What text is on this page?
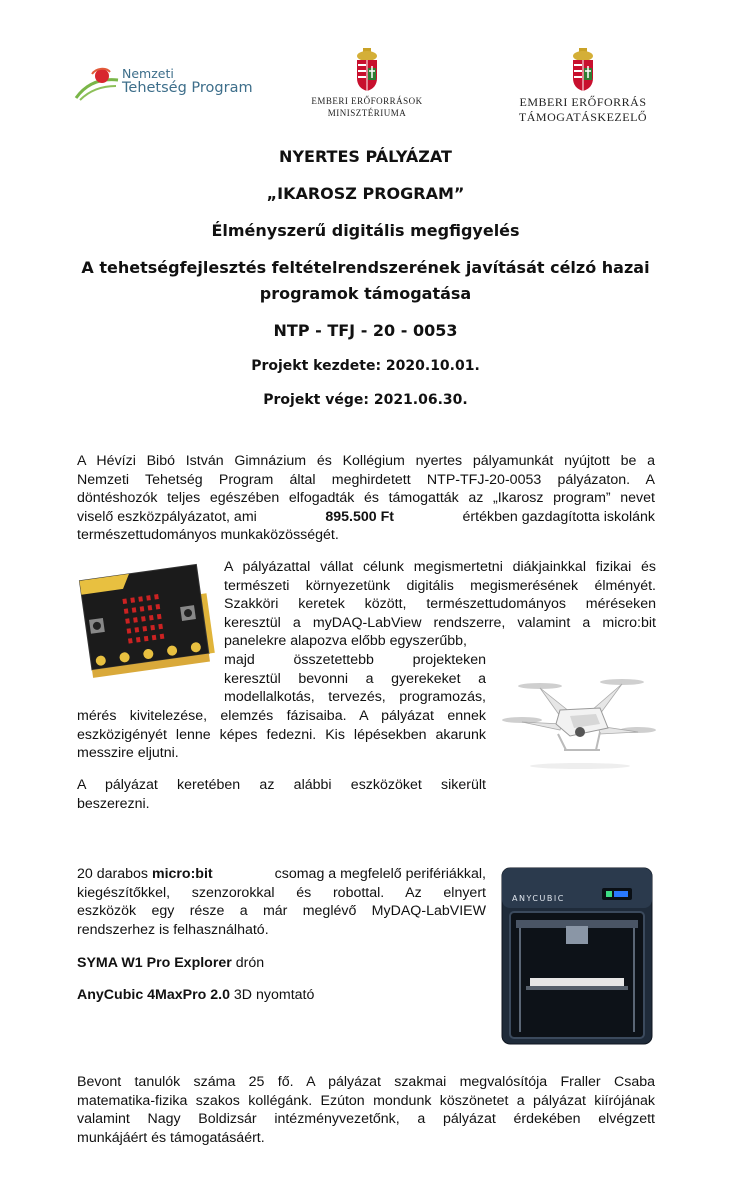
Nemzeti
Tehetség Program
EMBERI ERŐFORRÁSOK
MINISZTÉRIUMA
EMBERI ERŐFORRÁS
TÁMOGATÁSKEZELŐ
NYERTES PÁLYÁZAT
„IKAROSZ PROGRAM”
Élményszerű digitális megfigyelés
A tehetségfejlesztés feltételrendszerének javítását célzó hazai
programok támogatása
NTP - TFJ - 20 - 0053
Projekt kezdete: 2020.10.01.
Projekt vége: 2021.06.30.
A Hévízi Bibó István Gimnázium és Kollégium nyertes pályamunkát nyújtott be a
Nemzeti Tehetség Program által meghirdetett NTP-TFJ-20-0053 pályázaton. A
döntéshozók teljes egészében elfogadták és támogatták az „Ikarosz program” nevet
viselő eszközpályázatot, ami	895.500 Ft	értékben gazdagította iskolánk
természettudományos munkaközösségét.
A pályázattal vállat célunk megismertetni diákjainkkal fizikai és
természeti környezetünk digitális megismerésének élményét.
Szakköri keretek között, természettudományos méréseken
keresztül a myDAQ-LabView rendszerre, valamint a micro:bit
panelekre alapozva előbb egyszerűbb,
majd összetettebb projekteken
keresztül bevonni a gyerekeket a
modellalkotás, tervezés, programozás,
mérés kivitelezése, elemzés fázisaiba. A pályázat ennek
eszközigényét lenne képes fedezni. Kis lépésekben akarunk
messzire eljutni.
A pályázat keretében az alábbi eszközöket sikerült
beszerezni.
20 darabos micro:bit	csomag a megfelelő perifériákkal,
kiegészítőkkel, szenzorokkal és robottal. Az elnyert
eszközök egy része a már meglévő MyDAQ-LabVIEW
rendszerhez is felhasználható.
SYMA W1 Pro Explorer drón
AnyCubic 4MaxPro 2.0 3D nyomtató
ANYCUBIC
Bevont tanulók száma 25 fő. A pályázat szakmai megvalósítója Fraller Csaba
matematika-fizika szakos kollégánk. Ezúton mondunk köszönetet a pályázat kiírójának
valamint Nagy Boldizsár intézményvezetőnk, a pályázat érdekében elvégzett
munkájáért és támogatásáért.
